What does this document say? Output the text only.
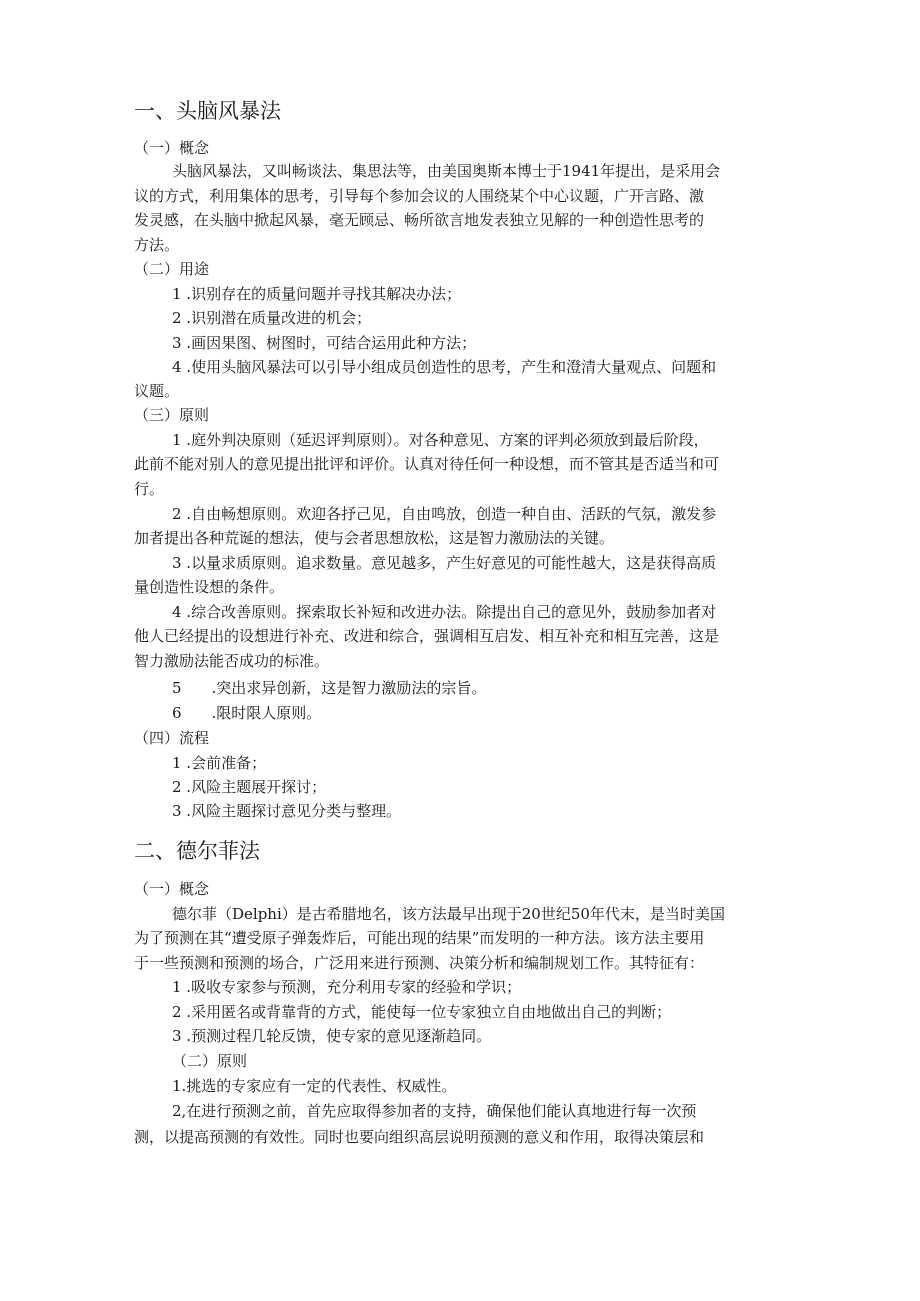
一、头脑风暴法
（一）概念
头脑风暴法，又叫畅谈法、集思法等，由美国奥斯本博士于1941年提出，是采用会
议的方式，利用集体的思考，引导每个参加会议的人围绕某个中心议题，广开言路、激
发灵感，在头脑中掀起风暴，毫无顾忌、畅所欲言地发表独立见解的一种创造性思考的
方法。
（二）用途
1 .识别存在的质量问题并寻找其解决办法；
2 .识别潜在质量改进的机会；
3 .画因果图、树图时，可结合运用此种方法；
4 .使用头脑风暴法可以引导小组成员创造性的思考，产生和澄清大量观点、问题和
议题。
（三）原则
1 .庭外判决原则（延迟评判原则）。对各种意见、方案的评判必须放到最后阶段，
此前不能对别人的意见提出批评和评价。认真对待任何一种设想，而不管其是否适当和可
行。
2 .自由畅想原则。欢迎各抒己见，自由鸣放，创造一种自由、活跃的气氛，激发参
加者提出各种荒诞的想法，使与会者思想放松，这是智力激励法的关键。
3 .以量求质原则。追求数量。意见越多，产生好意见的可能性越大，这是获得高质
量创造性设想的条件。
4 .综合改善原则。探索取长补短和改进办法。除提出自己的意见外，鼓励参加者对
他人已经提出的设想进行补充、改进和综合，强调相互启发、相互补充和相互完善，这是
智力激励法能否成功的标准。
5　　.突出求异创新，这是智力激励法的宗旨。
6　　.限时限人原则。
（四）流程
1 .会前准备；
2 .风险主题展开探讨；
3 .风险主题探讨意见分类与整理。
二、德尔菲法
（一）概念
德尔菲（Delphi）是古希腊地名，该方法最早出现于20世纪50年代末，是当时美国
为了预测在其“遭受原子弹轰炸后，可能出现的结果”而发明的一种方法。该方法主要用
于一些预测和预测的场合，广泛用来进行预测、决策分析和编制规划工作。其特征有：
1 .吸收专家参与预测，充分利用专家的经验和学识；
2 .采用匿名或背靠背的方式，能使每一位专家独立自由地做出自己的判断；
3 .预测过程几轮反馈，使专家的意见逐渐趋同。
（二）原则
1.挑选的专家应有一定的代表性、权威性。
2,在进行预测之前，首先应取得参加者的支持，确保他们能认真地进行每一次预
测，以提高预测的有效性。同时也要向组织高层说明预测的意义和作用，取得决策层和
